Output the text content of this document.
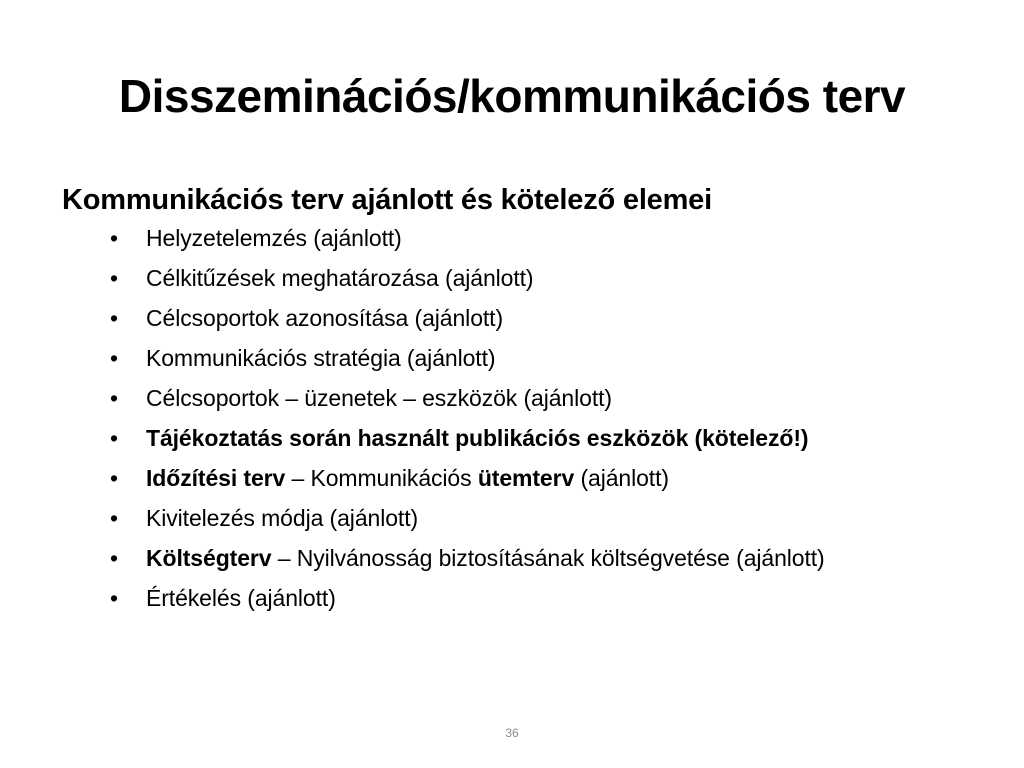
Disszeminációs/kommunikációs terv
Kommunikációs terv ajánlott és kötelező elemei
•	Helyzetelemzés (ajánlott)
•	Célkitűzések meghatározása (ajánlott)
•	Célcsoportok azonosítása (ajánlott)
•	Kommunikációs stratégia (ajánlott)
•	Célcsoportok – üzenetek – eszközök (ajánlott)
•	Tájékoztatás során használt publikációs eszközök (kötelező!)
•	Időzítési terv – Kommunikációs ütemterv (ajánlott)
•	Kivitelezés módja (ajánlott)
•	Költségterv – Nyilvánosság biztosításának költségvetése (ajánlott)
•	Értékelés (ajánlott)
36
